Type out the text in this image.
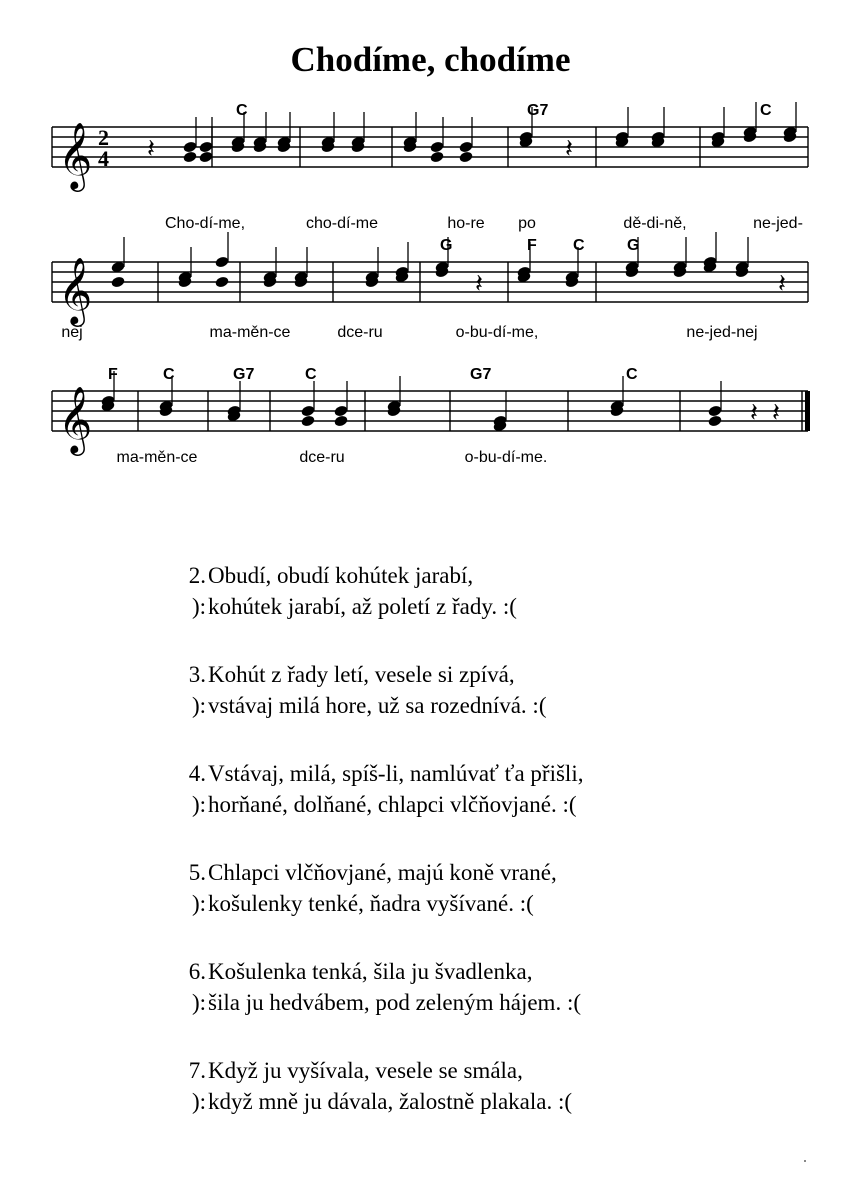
Chodíme, chodíme
𝄞 2
4
𝄞
𝄞
𝄽	𝄽
𝄽	𝄽
𝄽 𝄽
C	G7	C
G	F C	G
F	C	G7	C	G7	C
Cho-dí-me,	cho-dí-me	ho-re po	dě-di-ně,	ne-jed-
nej	ma-měn-ce	dce-ru	o-bu-dí-me,	ne-jed-nej
ma-měn-ce	dce-ru	o-bu-dí-me.
2. Obudí, obudí kohútek jarabí,
): kohútek jarabí, až poletí z řady. :(
3. Kohút z řady letí, vesele si zpívá,
): vstávaj milá hore, už sa rozednívá. :(
4. Vstávaj, milá, spíš-li, namlúvať ťa přišli,
): horňané, dolňané, chlapci vlčňovjané. :(
5. Chlapci vlčňovjané, majú koně vrané,
): košulenky tenké, ňadra vyšívané. :(
6. Košulenka tenká, šila ju švadlenka,
): šila ju hedvábem, pod zeleným hájem. :(
7. Když ju vyšívala, vesele se smála,
): když mně ju dávala, žalostně plakala. :(
